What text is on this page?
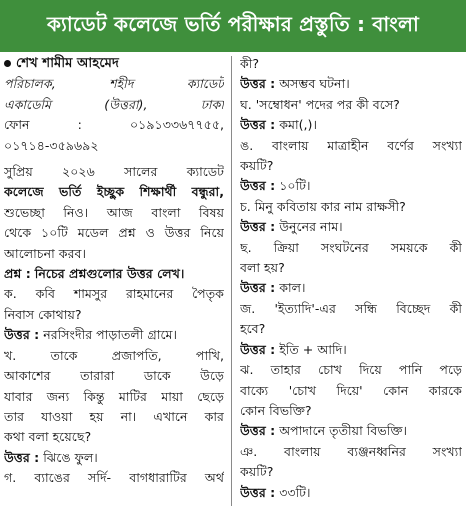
ক্যাডেট কলেজে ভর্তি পরীক্ষার প্রস্তুতি : বাংলা
শেখ শামীম আহমেদ
পরিচালক, শহীদ ক্যাডেট
একাডেমি (উত্তরা), ঢাকা
ফোন : ০১৯১৩৩৬৭৭৫৫,
০১৭১৪-৩৫৯৬৯২
সুপ্রিয় ২০২৬ সালের ক্যাডেট
কলেজে ভর্তি ইচ্ছুক শিক্ষার্থী বন্ধুরা,
শুভেচ্ছা নিও। আজ বাংলা বিষয়
থেকে ১০টি মডেল প্রশ্ন ও উত্তর নিয়ে
আলোচনা করব।
প্রশ্ন : নিচের প্রশ্নগুলোর উত্তর লেখ।
ক. কবি শামসুর রাহমানের পৈতৃক
নিবাস কোথায়?
উত্তর : নরসিংদীর পাড়াতলী গ্রামে।
খ. তাকে প্রজাপতি, পাখি,
আকাশের তারারা ডাকে উড়ে
যাবার জন্য কিন্তু মাটির মায়া ছেড়ে
তার যাওয়া হয় না। এখানে কার
কথা বলা হয়েছে?
উত্তর : ঝিঙে ফুল।
গ. ব্যাঙের সর্দি- বাগধারাটির অর্থ
কী?
উত্তর : অসম্ভব ঘটনা।
ঘ. 'সম্বোধন' পদের পর কী বসে?
উত্তর : কমা(,)।
ঙ. বাংলায় মাত্রাহীন বর্ণের সংখ্যা
কয়টি?
উত্তর : ১০টি।
চ. মিনু কবিতায় কার নাম রাক্ষসী?
উত্তর : উনুনের নাম।
ছ. ক্রিয়া সংঘটনের সময়কে কী
বলা হয়?
উত্তর : কাল।
জ. 'ইত্যাদি'-এর সন্ধি বিচ্ছেদ কী
হবে?
উত্তর : ইতি + আদি।
ঝ. তাহার চোখ দিয়ে পানি পড়ে
বাক্যে 'চোখ দিয়ে' কোন কারকে
কোন বিভক্তি?
উত্তর : অপাদানে তৃতীয়া বিভক্তি।
ঞ. বাংলায় ব্যঞ্জনধ্বনির সংখ্যা
কয়টি?
উত্তর : ৩৩টি।
